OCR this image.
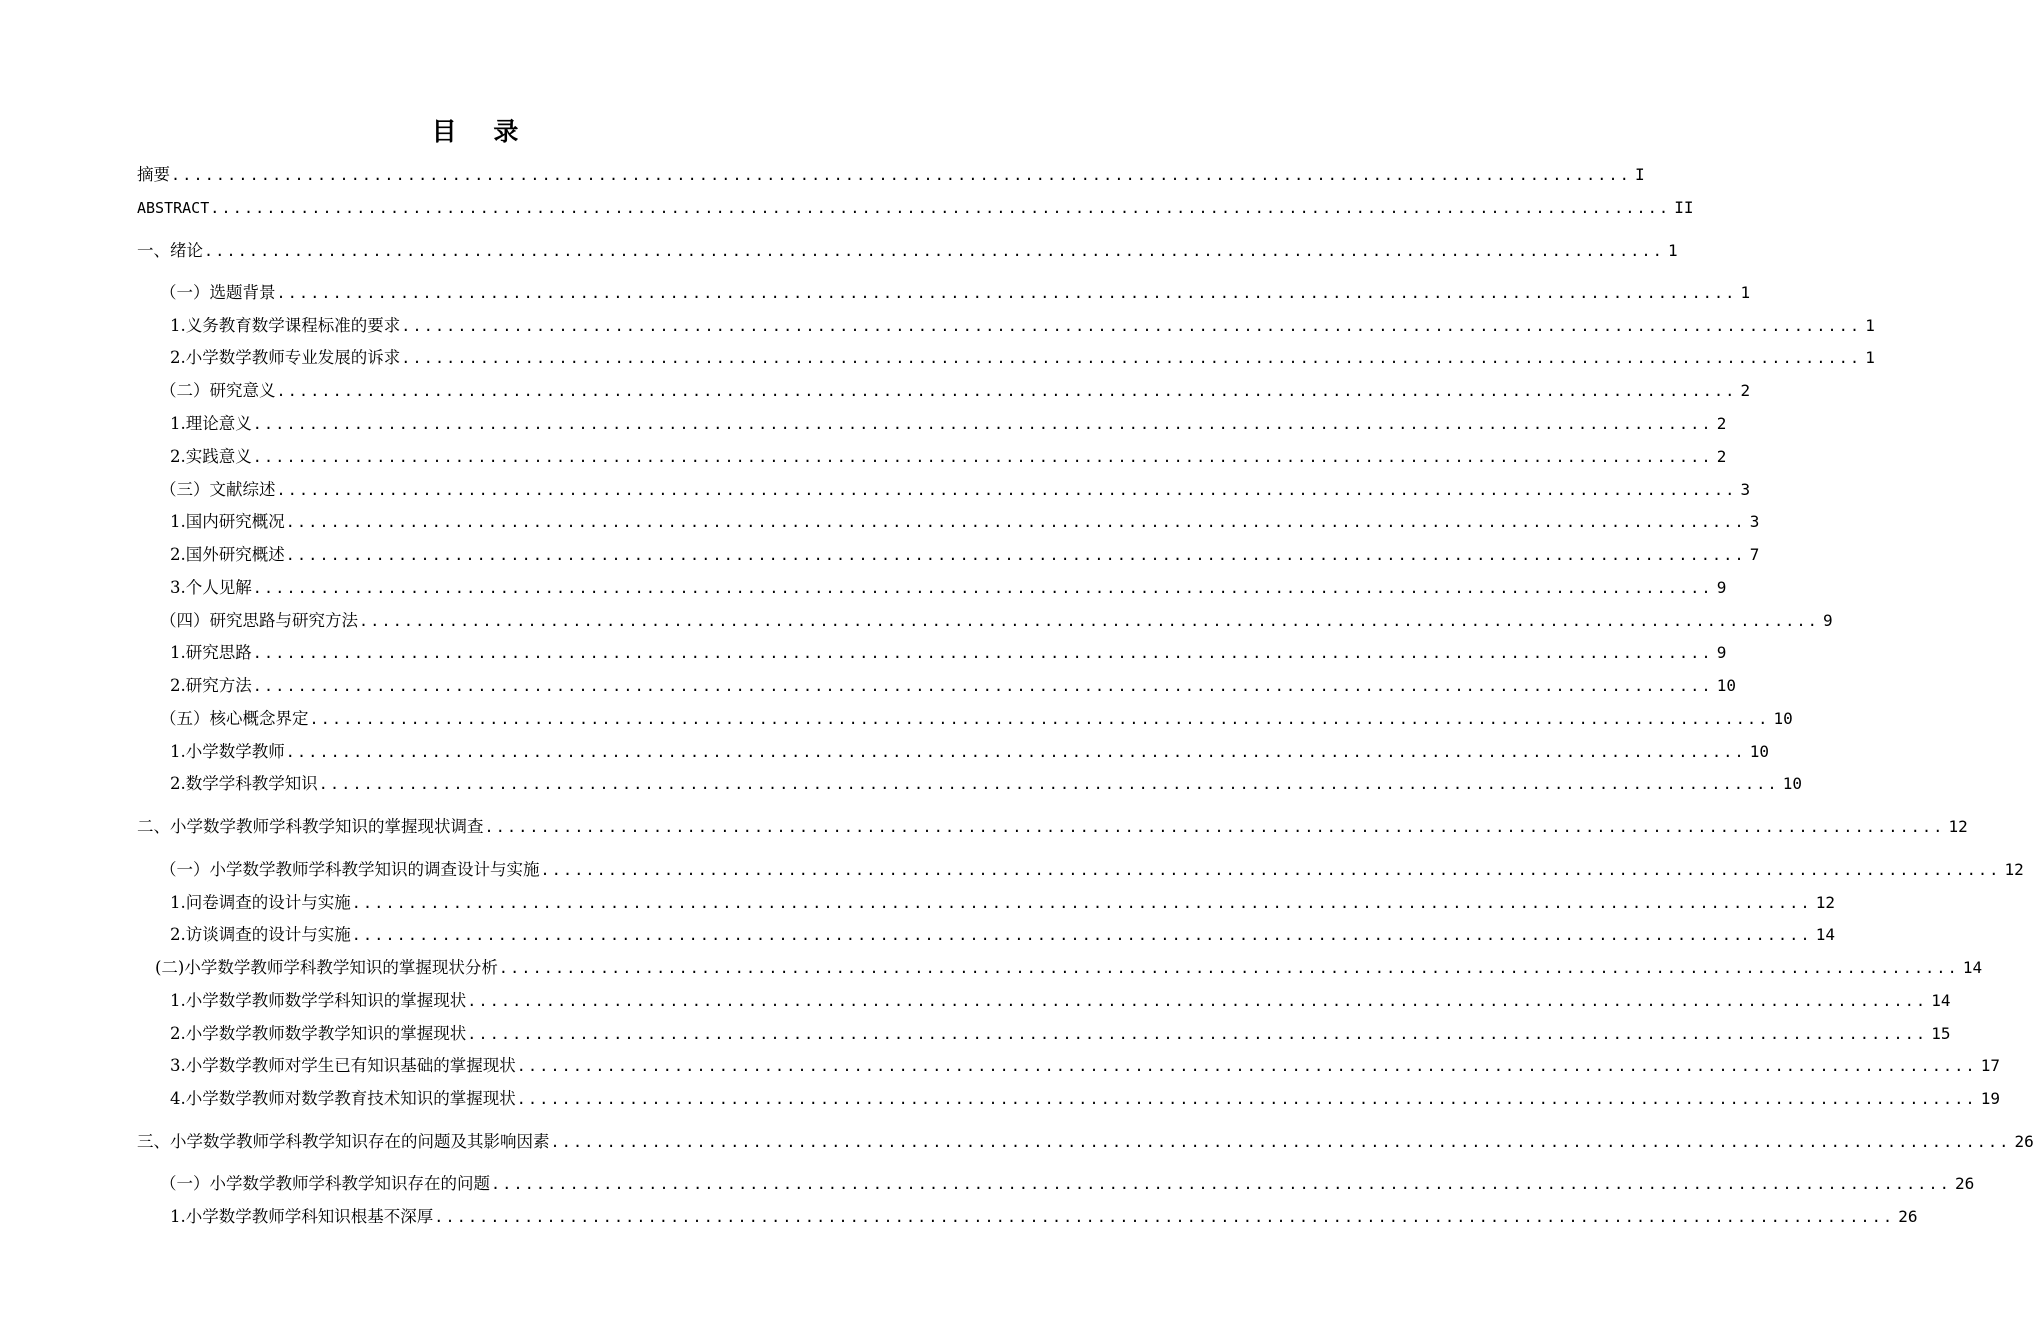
目 录
摘要 .................................................................................................................................. I
ABSTRACT .................................................................................................................................. II
一、绪论 .................................................................................................................................. 1
（一）选题背景 .................................................................................................................................. 1
1.义务教育数学课程标准的要求 .................................................................................................................................. 1
2.小学数学教师专业发展的诉求 .................................................................................................................................. 1
（二）研究意义 .................................................................................................................................. 2
1.理论意义 .................................................................................................................................. 2
2.实践意义 .................................................................................................................................. 2
（三）文献综述 .................................................................................................................................. 3
1.国内研究概况 .................................................................................................................................. 3
2.国外研究概述 .................................................................................................................................. 7
3.个人见解 .................................................................................................................................. 9
（四）研究思路与研究方法 .................................................................................................................................. 9
1.研究思路 .................................................................................................................................. 9
2.研究方法 .................................................................................................................................. 10
（五）核心概念界定 .................................................................................................................................. 10
1.小学数学教师 .................................................................................................................................. 10
2.数学学科教学知识 .................................................................................................................................. 10
二、小学数学教师学科教学知识的掌握现状调查 .................................................................................................................................. 12
（一）小学数学教师学科教学知识的调查设计与实施 .................................................................................................................................. 12
1.问卷调查的设计与实施 .................................................................................................................................. 12
2.访谈调查的设计与实施 .................................................................................................................................. 14
(二)小学数学教师学科教学知识的掌握现状分析 .................................................................................................................................. 14
1.小学数学教师数学学科知识的掌握现状 .................................................................................................................................. 14
2.小学数学教师数学教学知识的掌握现状 .................................................................................................................................. 15
3.小学数学教师对学生已有知识基础的掌握现状 .................................................................................................................................. 17
4.小学数学教师对数学教育技术知识的掌握现状 .................................................................................................................................. 19
三、小学数学教师学科教学知识存在的问题及其影响因素 .................................................................................................................................. 26
（一）小学数学教师学科教学知识存在的问题 .................................................................................................................................. 26
1.小学数学教师学科知识根基不深厚 .................................................................................................................................. 26
